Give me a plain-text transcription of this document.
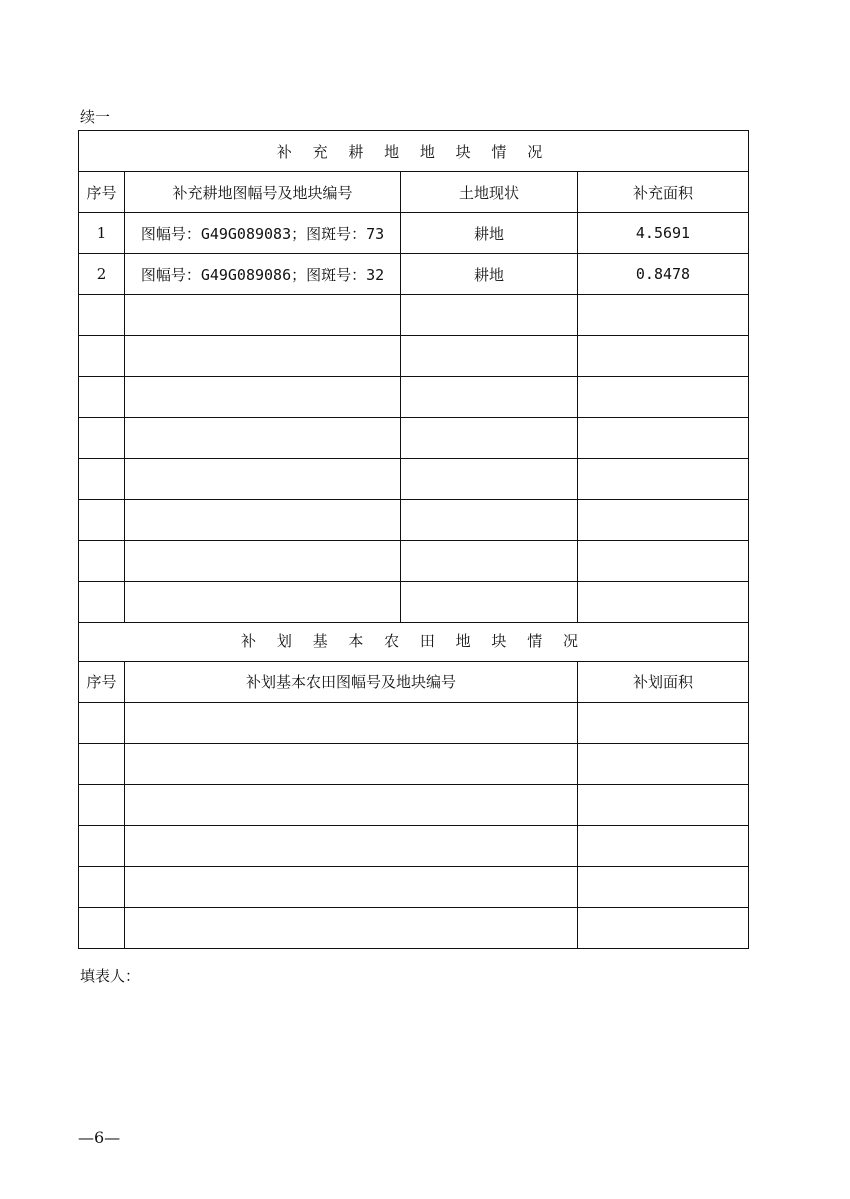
续一
补 充 耕 地 地 块 情 况			
序号	补充耕地图幅号及地块编号	土地现状	补充面积
1	图幅号：G49G089083；图斑号：73	耕地	4.5691
2	图幅号：G49G089086；图斑号：32	耕地	0.8478

补 划 基 本 农 田 地 块 情 况		
序号	补划基本农田图幅号及地块编号	补划面积

填表人：
—6—
